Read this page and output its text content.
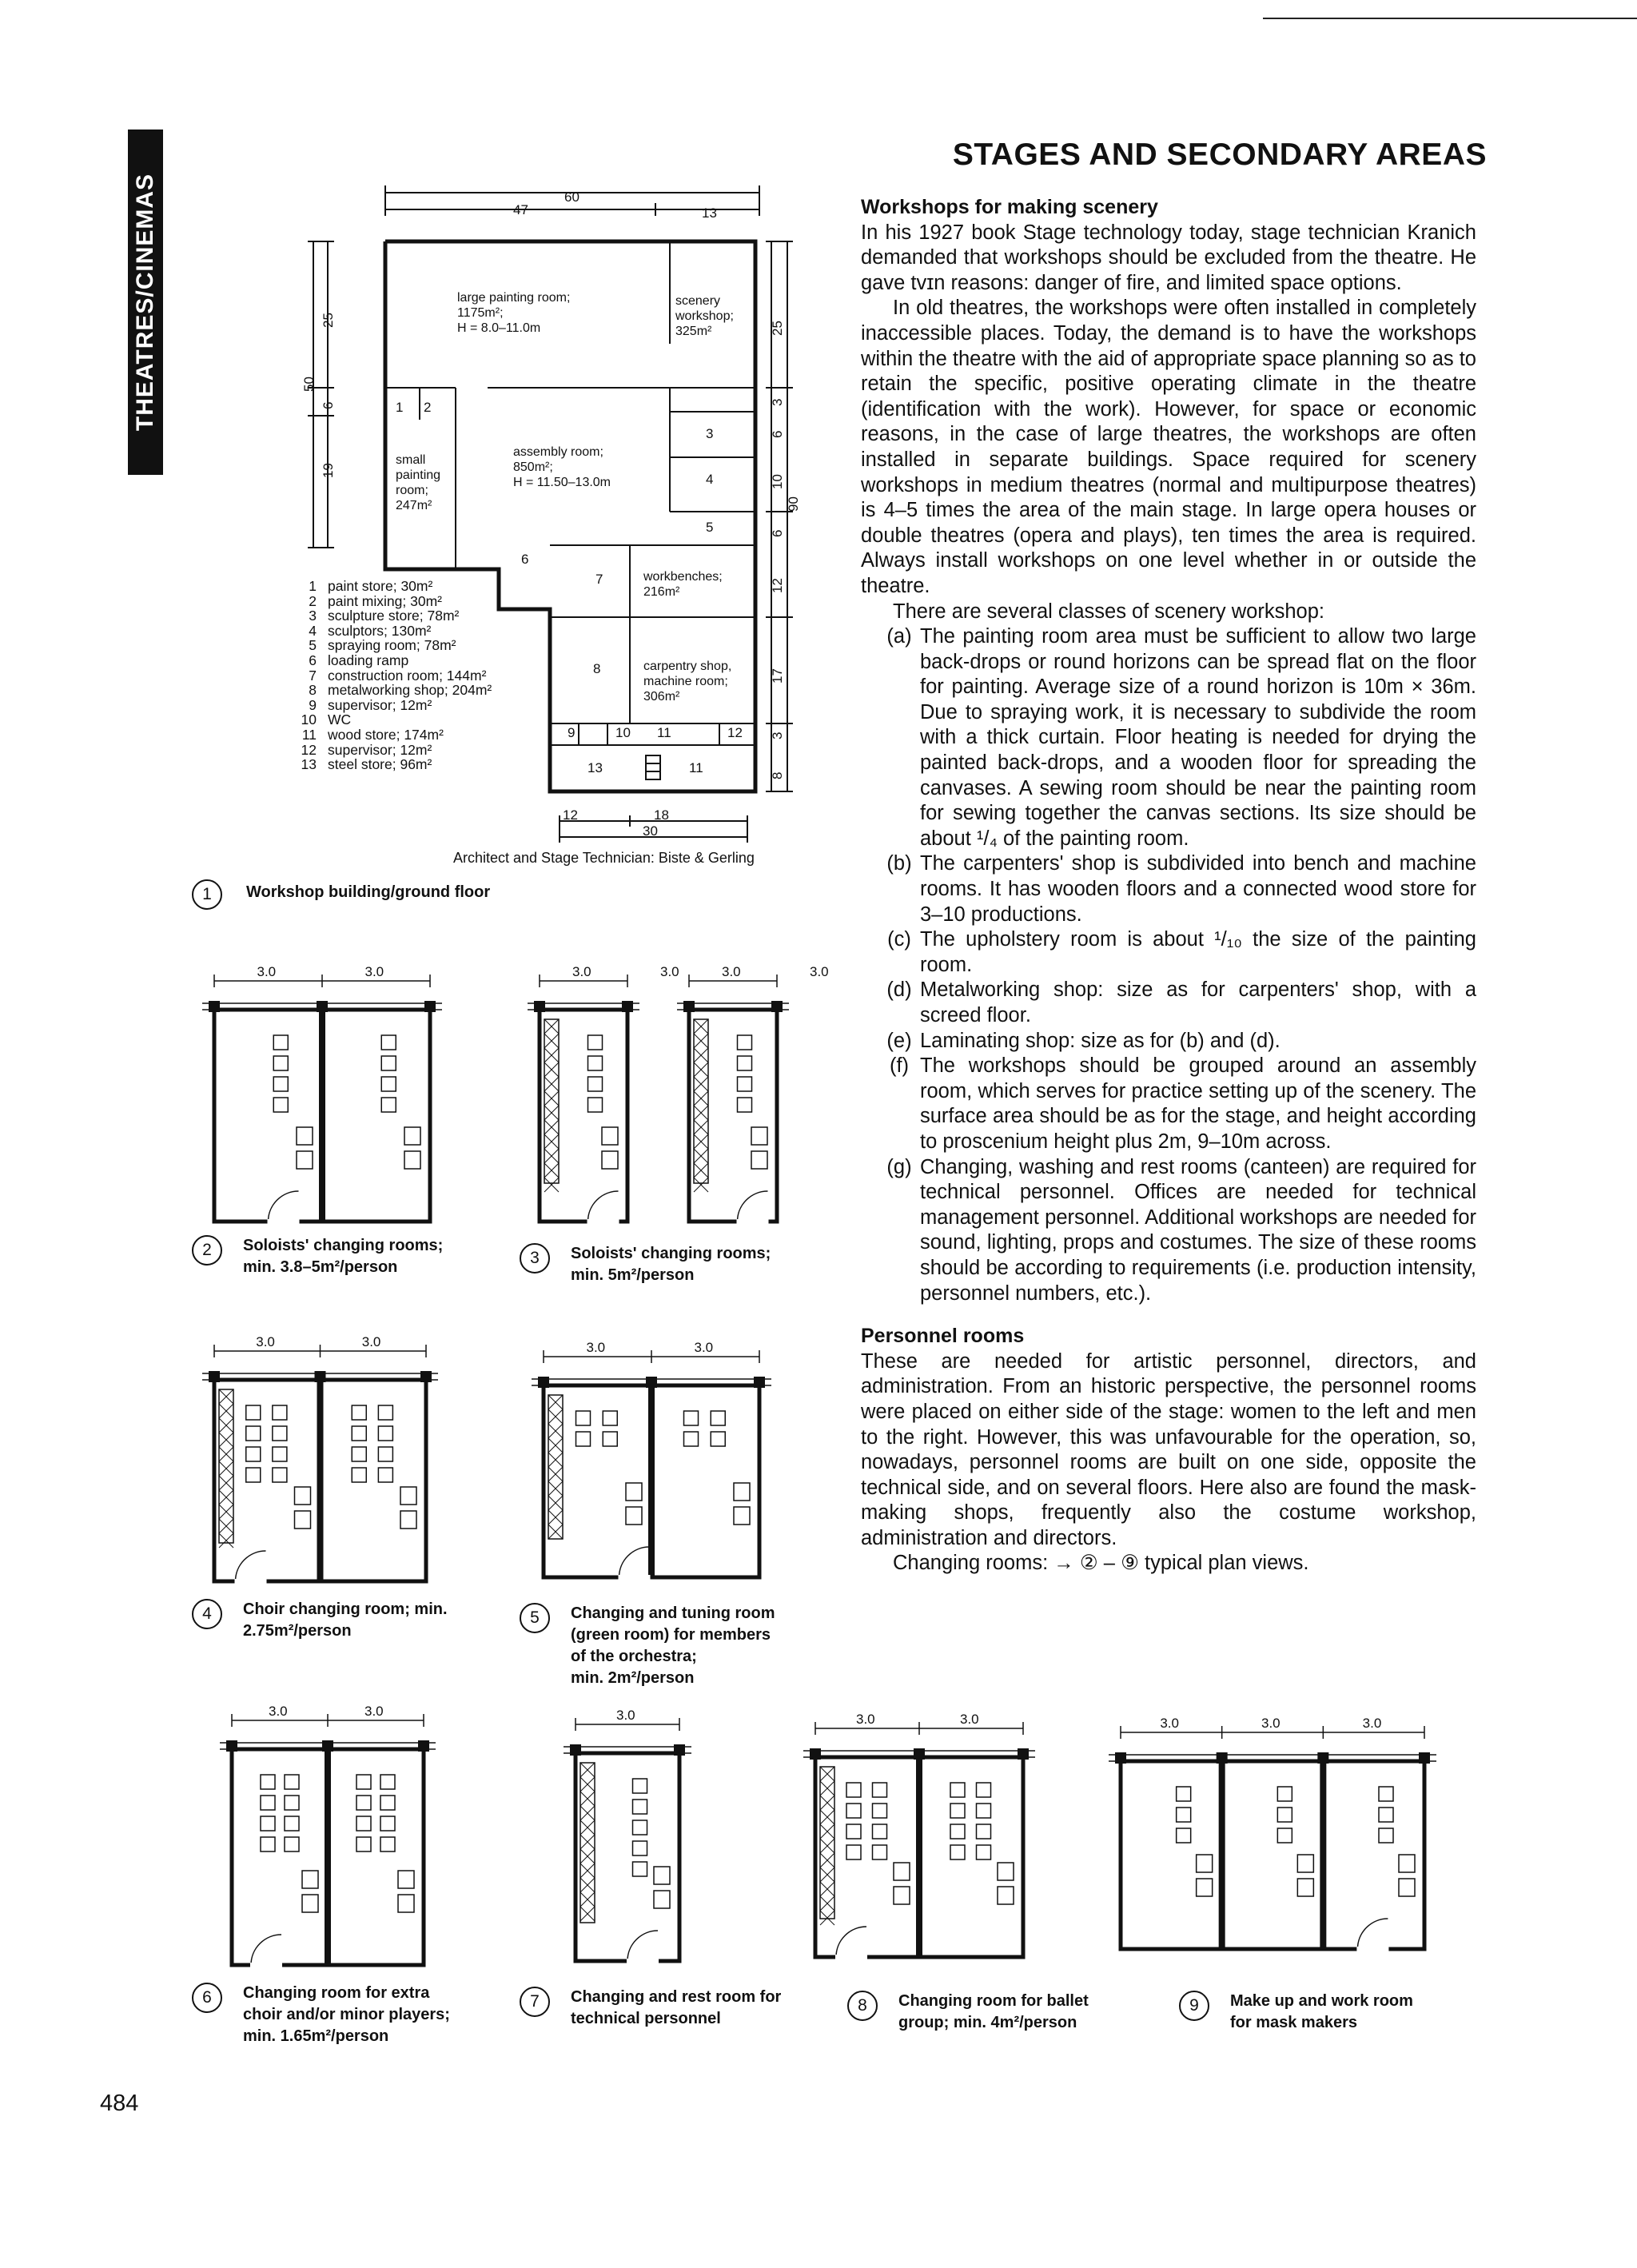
THEATRES/CINEMAS
STAGES AND SECONDARY AREAS
60
47	13
12	18
30
25
50
6
19
25
3
6
10
90
6
12
17
3
8
large painting room;
1175m²;
H = 8.0–11.0m
scenery
workshop;
325m²
assembly room;
850m²;
H = 11.50–13.0m
small
painting
room;
247m²
workbenches;
216m²
carpentry shop,
machine room;
306m²
1 2
3
4
5
6
7
8
9	10 11
11
12
13
Architect and Stage Technician: Biste & Gerling
1 paint store; 30m²
2 paint mixing; 30m²
3 sculpture store; 78m²
4 sculptors; 130m²
5 spraying room; 78m²
6 loading ramp
7 construction room; 144m²
8 metalworking shop; 204m²
9 supervisor; 12m²
10 WC
11 wood store; 174m²
12 supervisor; 12m²
13 steel store; 96m²
1	Workshop building/ground floor
3.0	3.0	3.0	3.0	3.0	3.0
3.0	3.0	3.0	3.0
3.0	3.0	3.0	3.0	3.0	3.0	3.0	3.0
2	Soloists' changing rooms;
min. 3.8–5m²/person	3	Soloists' changing rooms;
min. 5m²/person
4	Choir changing room; min.
2.75m²/person
5	Changing and tuning room
(green room) for members
of the orchestra;
min. 2m²/person
6	Changing room for extra
choir and/or minor players;
min. 1.65m²/person
7	Changing and rest room for
technical personnel
8	Changing room for ballet
group; min. 4m²/person
9	Make up and work room
for mask makers
Workshops for making scenery

In his 1927 book Stage technology today, stage technician Kranich demanded that workshops should be excluded from the theatre. He gave tvɪn reasons: danger of fire, and limited space options.

In old theatres, the workshops were often installed in completely inaccessible places. Today, the demand is to have the workshops within the theatre with the aid of appropriate space planning so as to retain the specific, positive operating climate in the theatre (identification with the work). However, for space or economic reasons, in the case of large theatres, the workshops are often installed in separate buildings. Space required for scenery workshops in medium theatres (normal and multipurpose theatres) is 4–5 times the area of the main stage. In large opera houses or double theatres (opera and plays), ten times the area is required. Always install workshops on one level whether in or outside the theatre.

There are several classes of scenery workshop:

(a) The painting room area must be sufficient to allow two large back-drops or round horizons can be spread flat on the floor for painting. Average size of a round horizon is 10m × 36m. Due to spraying work, it is necessary to subdivide the room with a thick curtain. Floor heating is needed for drying the painted back-drops, and a wooden floor for spreading the canvases. A sewing room should be near the painting room for sewing together the canvas sections. Its size should be about ¹/₄ of the painting room.
(b) The carpenters' shop is subdivided into bench and machine rooms. It has wooden floors and a connected wood store for 3–10 productions.
(c) The upholstery room is about ¹/₁₀ the size of the painting room.
(d) Metalworking shop: size as for carpenters' shop, with a screed floor.
(e) Laminating shop: size as for (b) and (d).
(f) The workshops should be grouped around an assembly room, which serves for practice setting up of the scenery. The surface area should be as for the stage, and height according to proscenium height plus 2m, 9–10m across.
(g) Changing, washing and rest rooms (canteen) are required for technical personnel. Offices are needed for technical management personnel. Additional workshops are needed for sound, lighting, props and costumes. The size of these rooms should be according to requirements (i.e. production intensity, personnel numbers, etc.).
Personnel rooms

These are needed for artistic personnel, directors, and administration. From an historic perspective, the personnel rooms were placed on either side of the stage: women to the left and men to the right. However, this was unfavourable for the operation, so, nowadays, personnel rooms are built on one side, opposite the technical side, and on several floors. Here also are found the mask-making shops, frequently also the costume workshop, administration and directors.

Changing rooms: → ② – ⑨ typical plan views.

484
